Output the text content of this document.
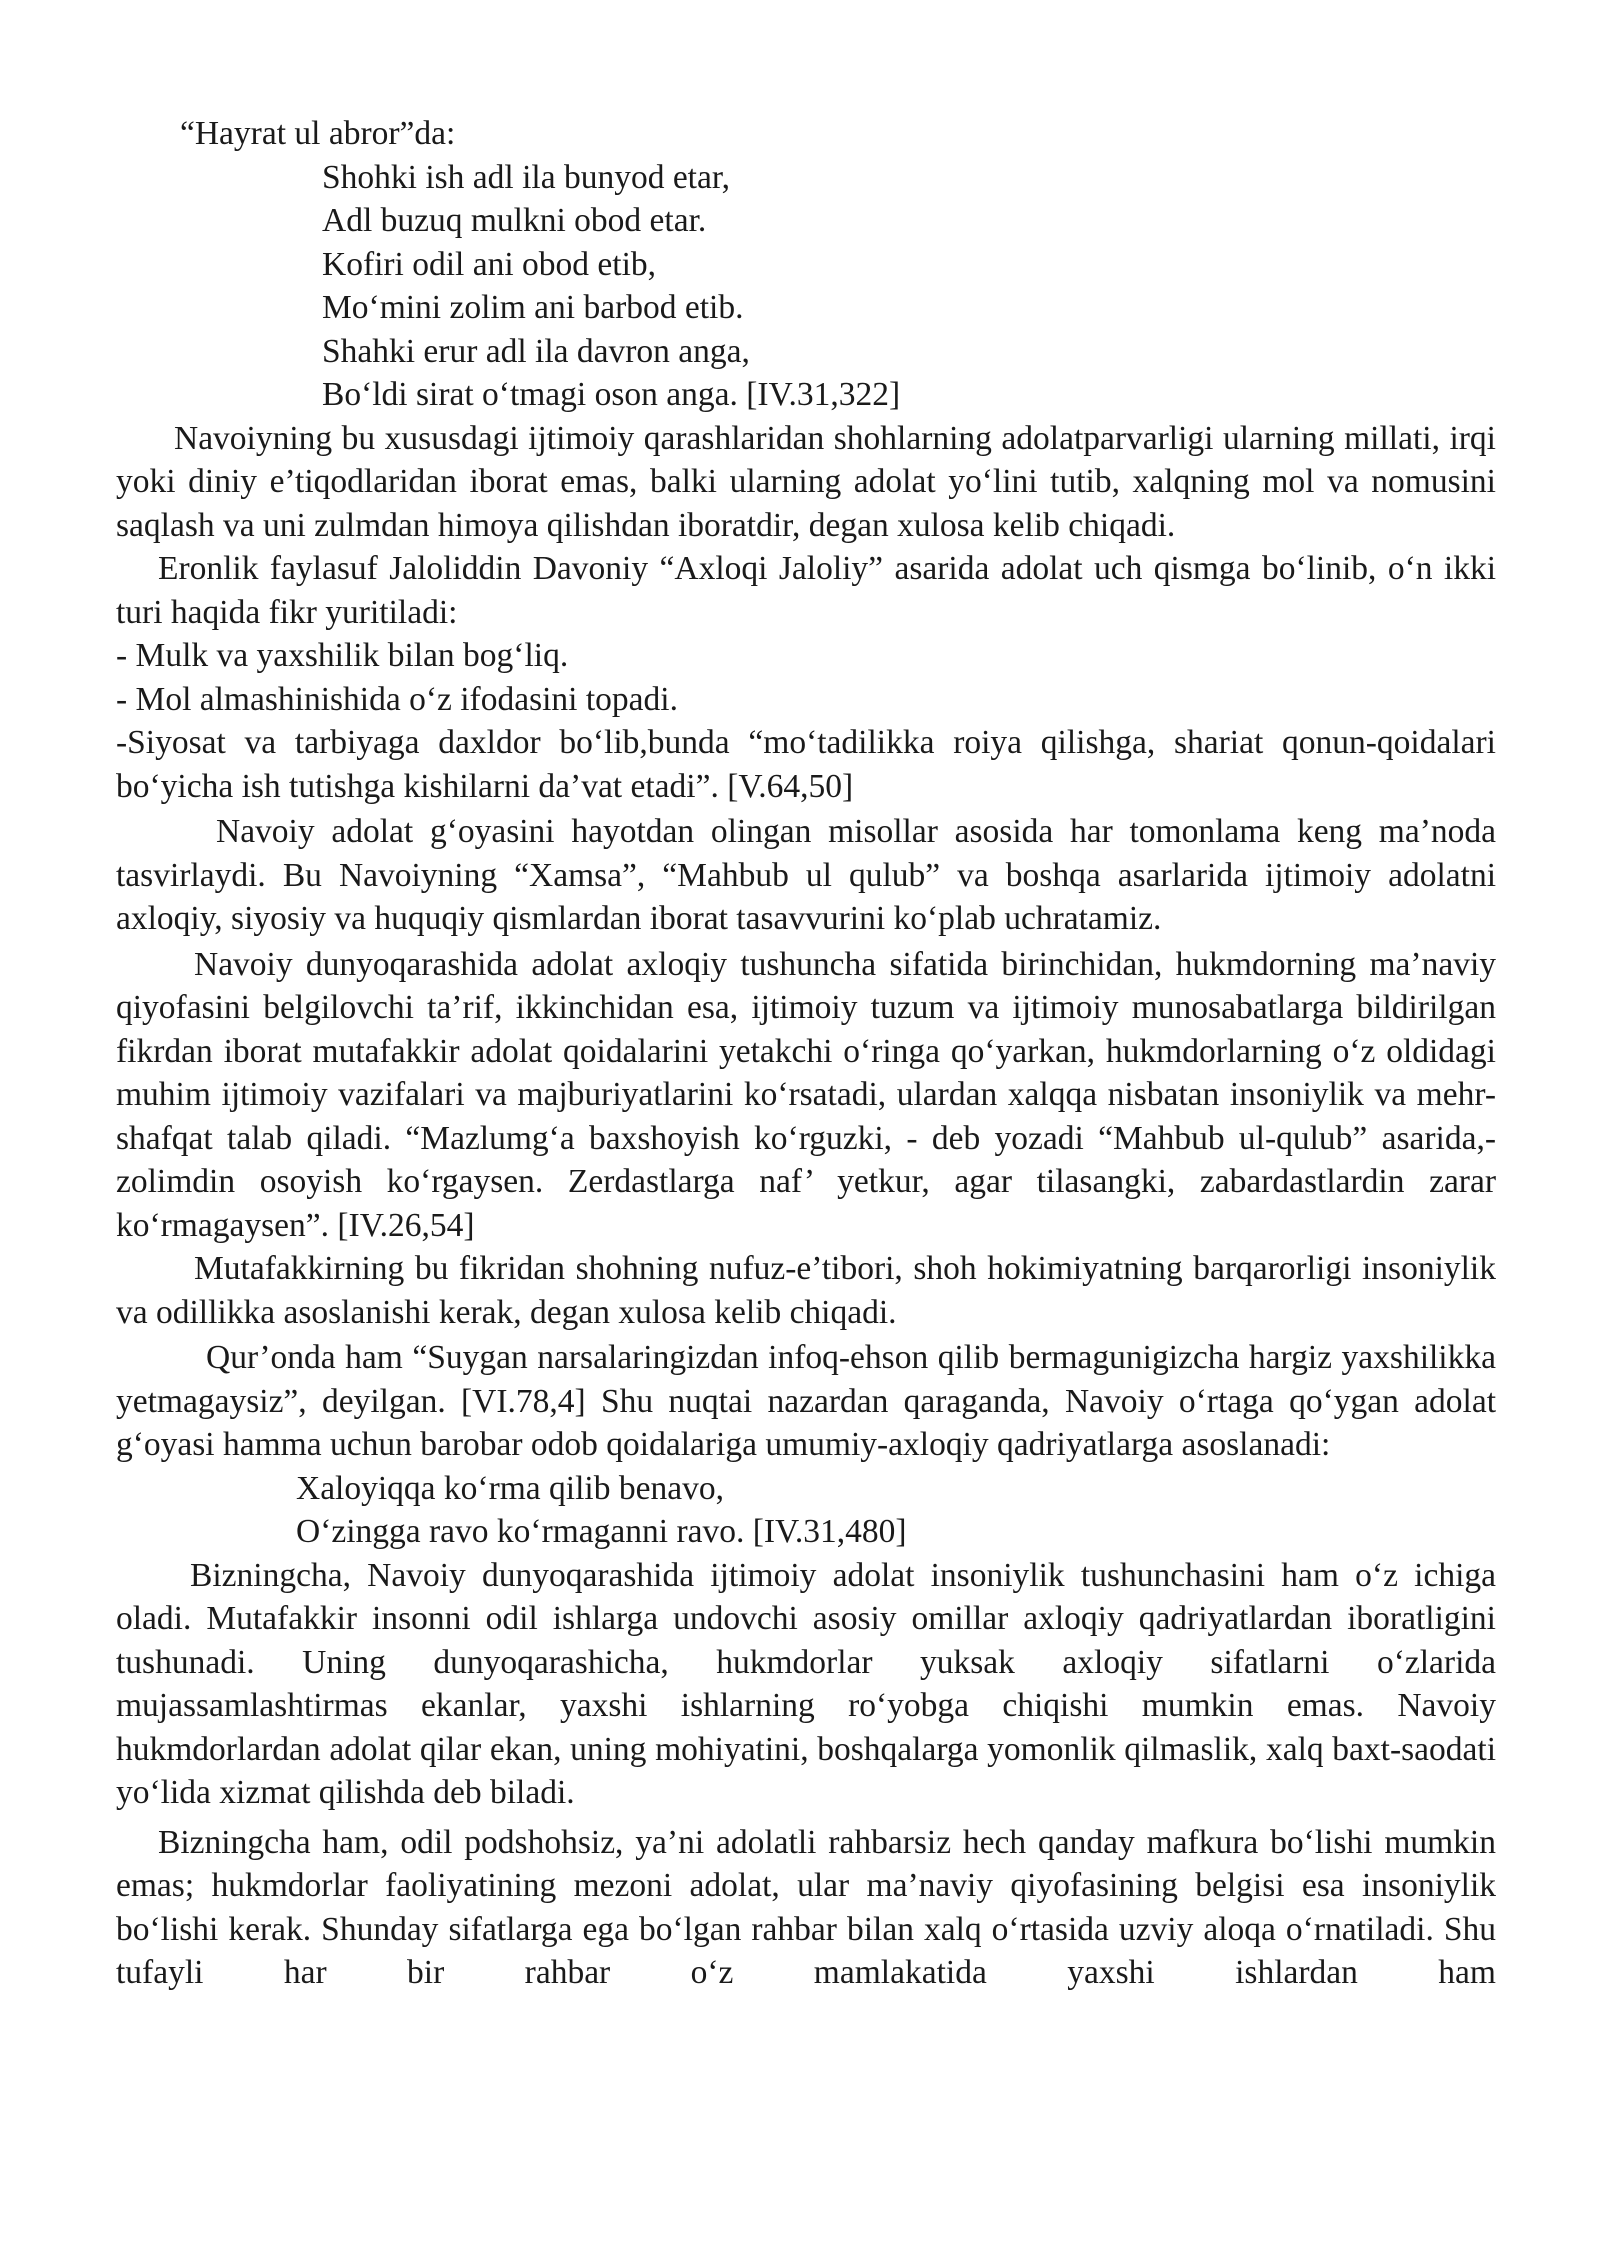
“Hayrat ul abror”da:

Shohki ish adl ila bunyod etar,
Adl buzuq mulkni obod etar.
Kofiri odil ani obod etib,
Mo‘mini zolim ani barbod etib.
Shahki erur adl ila davron anga,
Bo‘ldi sirat o‘tmagi oson anga. [IV.31,322]

Navoiyning bu xususdagi ijtimoiy qarashlaridan shohlarning adolatparvarligi ularning millati, irqi yoki diniy e’tiqodlaridan iborat emas, balki ularning adolat yo‘lini tutib, xalqning mol va nomusini saqlash va uni zulmdan himoya qilishdan iboratdir, degan xulosa kelib chiqadi.

Eronlik faylasuf Jaloliddin Davoniy “Axloqi Jaloliy” asarida adolat uch qismga bo‘linib, o‘n ikki turi haqida fikr yuritiladi:

- Mulk va yaxshilik bilan bog‘liq.
- Mol almashinishida o‘z ifodasini topadi.

-Siyosat va tarbiyaga daxldor bo‘lib,bunda “mo‘tadilikka roiya qilishga, shariat qonun-qoidalari bo‘yicha ish tutishga kishilarni da’vat etadi”. [V.64,50]

Navoiy adolat g‘oyasini hayotdan olingan misollar asosida har tomonlama keng ma’noda tasvirlaydi. Bu Navoiyning “Xamsa”, “Mahbub ul qulub” va boshqa asarlarida ijtimoiy adolatni axloqiy, siyosiy va huquqiy qismlardan iborat tasavvurini ko‘plab uchratamiz.

Navoiy dunyoqarashida adolat axloqiy tushuncha sifatida birinchidan, hukmdorning ma’naviy qiyofasini belgilovchi ta’rif, ikkinchidan esa, ijtimoiy tuzum va ijtimoiy munosabatlarga bildirilgan fikrdan iborat mutafakkir adolat qoidalarini yetakchi o‘ringa qo‘yarkan, hukmdorlarning o‘z oldidagi muhim ijtimoiy vazifalari va majburiyatlarini ko‘rsatadi, ulardan xalqqa nisbatan insoniylik va mehr-shafqat talab qiladi. “Mazlumg‘a baxshoyish ko‘rguzki, - deb yozadi “Mahbub ul-qulub” asarida,- zolimdin osoyish ko‘rgaysen. Zerdastlarga naf’ yetkur, agar tilasangki, zabardastlardin zarar ko‘rmagaysen”. [IV.26,54]

Mutafakkirning bu fikridan shohning nufuz-e’tibori, shoh hokimiyatning barqarorligi insoniylik va odillikka asoslanishi kerak, degan xulosa kelib chiqadi.

Qur’onda ham “Suygan narsalaringizdan infoq-ehson qilib bermagunigizcha hargiz yaxshilikka yetmagaysiz”, deyilgan. [VI.78,4] Shu nuqtai nazardan qaraganda, Navoiy o‘rtaga qo‘ygan adolat g‘oyasi hamma uchun barobar odob qoidalariga umumiy-axloqiy qadriyatlarga asoslanadi:

Xaloyiqqa ko‘rma qilib benavo,
O‘zingga ravo ko‘rmaganni ravo. [IV.31,480]

Bizningcha, Navoiy dunyoqarashida ijtimoiy adolat insoniylik tushunchasini ham o‘z ichiga oladi. Mutafakkir insonni odil ishlarga undovchi asosiy omillar axloqiy qadriyatlardan iboratligini tushunadi. Uning dunyoqarashicha, hukmdorlar yuksak axloqiy sifatlarni o‘zlarida mujassamlashtirmas ekanlar, yaxshi ishlarning ro‘yobga chiqishi mumkin emas. Navoiy hukmdorlardan adolat qilar ekan, uning mohiyatini, boshqalarga yomonlik qilmaslik, xalq baxt-saodati yo‘lida xizmat qilishda deb biladi.

Bizningcha ham, odil podshohsiz, ya’ni adolatli rahbarsiz hech qanday mafkura bo‘lishi mumkin emas; hukmdorlar faoliyatining mezoni adolat, ular ma’naviy qiyofasining belgisi esa insoniylik bo‘lishi kerak. Shunday sifatlarga ega bo‘lgan rahbar bilan xalq o‘rtasida uzviy aloqa o‘rnatiladi. Shu tufayli har bir rahbar o‘z mamlakatida yaxshi ishlardan ham
